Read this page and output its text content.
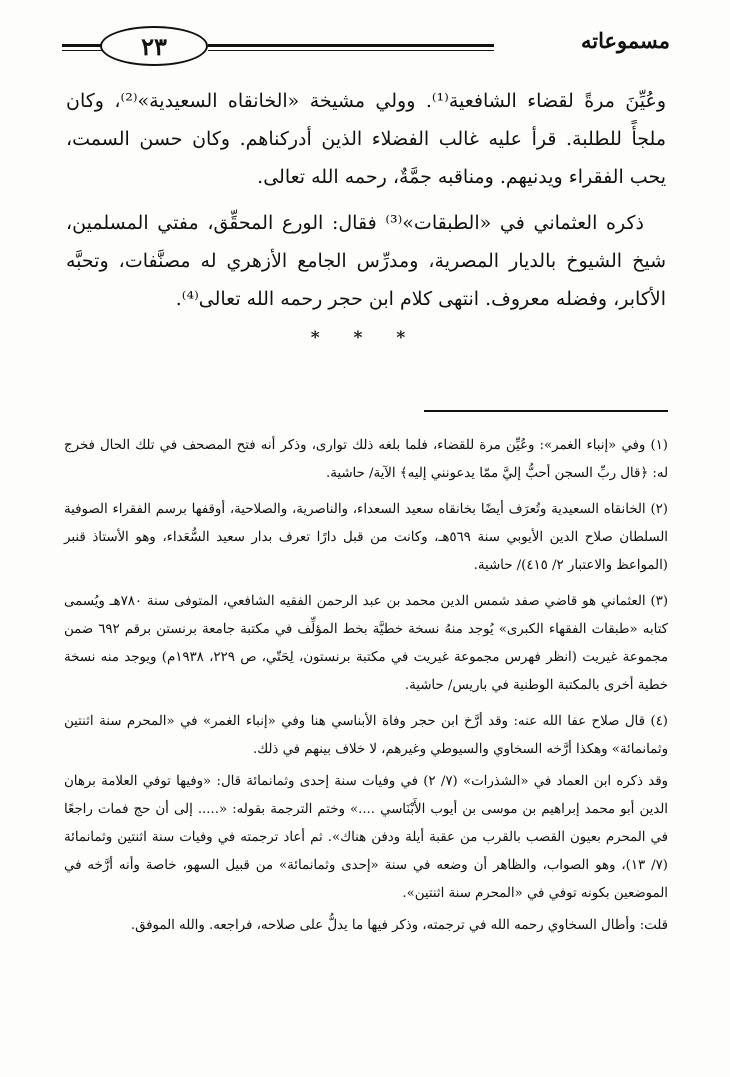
٢٣	مسموعاته

وعُيِّنَ مرةً لقضاء الشافعية⁽¹⁾. وولي مشيخة «الخانقاه السعيدية»⁽²⁾، وكان ملجأً للطلبة. قرأ عليه غالب الفضلاء الذين أدركناهم. وكان حسن السمت، يحب الفقراء ويدنيهم. ومناقبه جمَّةٌ، رحمه الله تعالى.

ذكره العثماني في «الطبقات»⁽³⁾ فقال: الورع المحقِّق، مفتي المسلمين، شيخ الشيوخ بالديار المصرية، ومدرِّس الجامع الأزهري له مصنَّفات، وتحبَّه الأكابر، وفضله معروف. انتهى كلام ابن حجر رحمه الله تعالى⁽⁴⁾.

* * *

(١) وفي «إنباء الغمر»: وعُيِّن مرة للقضاء، فلما بلغه ذلك توارى، وذكر أنه فتح المصحف في تلك الحال فخرج له: ﴿قال ربِّ السجن أحبُّ إليَّ ممّا يدعونني إليه﴾ الآية/ حاشية.

(٢) الخانقاه السعيدية وتُعرَف أيضًا بخانقاه سعيد السعداء، والناصرية، والصلاحية، أوقفها برسم الفقراء الصوفية السلطان صلاح الدين الأيوبي سنة ٥٦٩هـ، وكانت من قبل دارًا تعرف بدار سعيد السُّعَداء، وهو الأستاذ قنبر (المواعظ والاعتبار ٢/ ٤١٥)/ حاشية.

(٣) العثماني هو قاضي صفد شمس الدين محمد بن عبد الرحمن الفقيه الشافعي، المتوفى سنة ٧٨٠هـ ويُسمى كتابه «طبقات الفقهاء الكبرى» يُوجد منهُ نسخة خطيَّة بخط المؤلِّف في مكتبة جامعة برنستن برقم ٦٩٢ ضمن مجموعة غيريت (انظر فهرس مجموعة غيريت في مكتبة برنستون، لِحَتّي، ص ٢٢٩، ١٩٣٨م) ويوجد منه نسخة خطية أخرى بالمكتبة الوطنية في باريس/ حاشية.

(٤) قال صلاح عفا الله عنه: وقد أرَّخ ابن حجر وفاة الأبناسي هنا وفي «إنباء الغمر» في «المحرم سنة اثنتين وثمانمائة» وهكذا أرَّخه السخاوي والسيوطي وغيرهم، لا خلاف بينهم في ذلك.

وقد ذكره ابن العماد في «الشذرات» (٧/ ٢) في وفيات سنة إحدى وثمانمائة قال: «وفيها توفي العلامة برهان الدين أبو محمد إبراهيم بن موسى بن أيوب الأَبْنَاسي ....» وختم الترجمة بقوله: «..... إلى أن حج فمات راجعًا في المحرم بعيون القصب بالقرب من عقبة أيلة ودفن هناك». ثم أعاد ترجمته في وفيات سنة اثنتين وثمانمائة (٧/ ١٣)، وهو الصواب، والظاهر أن وضعه في سنة «إحدى وثمانمائة» من قبيل السهو، خاصة وأنه أرَّخه في الموضعين بكونه توفي في «المحرم سنة اثنتين».

قلت: وأطال السخاوي رحمه الله في ترجمته، وذكر فيها ما يدلُّ على صلاحه، فراجعه. والله الموفق.
